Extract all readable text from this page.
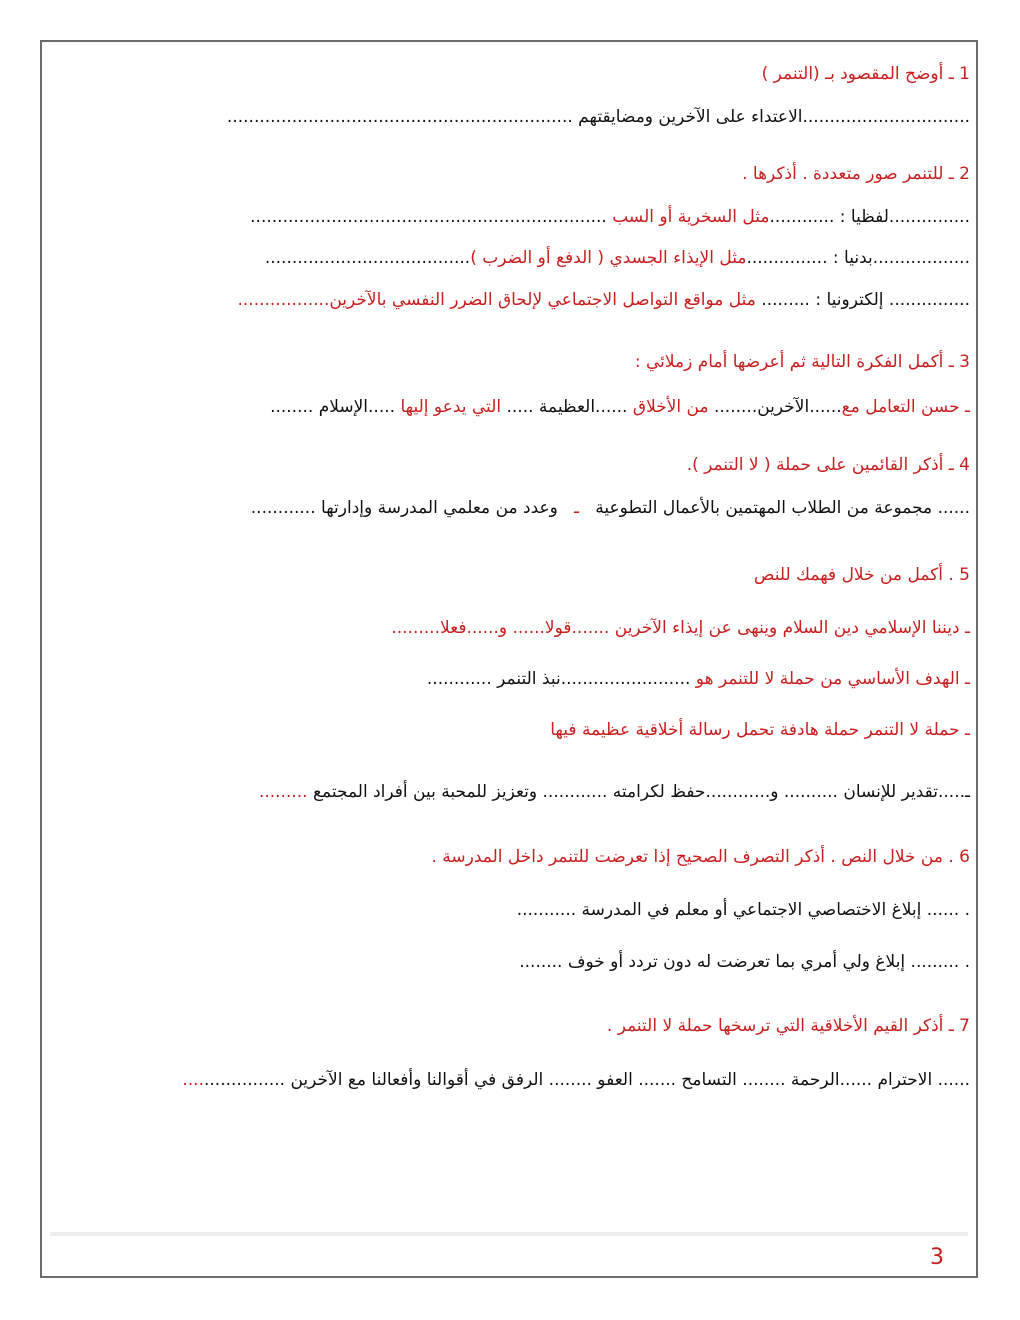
1 ـ أوضح المقصود بـ (التنمر )
...............................الاعتداء على الآخرين ومضايقتهم ................................................................
2 ـ للتنمر صور متعددة . أذكرها .
...............لفظيا : ............مثل السخرية أو السب ..................................................................
..................بدنيا : ...............مثل الإيذاء الجسدي ( الدفع أو الضرب )......................................
............... إلكترونيا : ......... مثل مواقع التواصل الاجتماعي لإلحاق الضرر النفسي بالآخرين.................
3 ـ أكمل الفكرة التالية ثم أعرضها أمام زملائي :
ـ حسن التعامل مع......الآخرين........ من الأخلاق ......العظيمة ..... التي يدعو إليها .....الإسلام ........
4 ـ أذكر القائمين على حملة ( لا التنمر ).
...... مجموعة من الطلاب المهتمين بالأعمال التطوعية   ـ   وعدد من معلمي المدرسة وإدارتها ............
5 . أكمل من خلال فهمك للنص
ـ ديننا الإسلامي دين السلام وينهى عن إيذاء الآخرين .......قولا...... و......فعلا.........
ـ الهدف الأساسي من حملة لا للتنمر هو ........................نبذ التنمر ............
ـ حملة لا التنمر حملة هادفة تحمل رسالة أخلاقية عظيمة فيها
ـ.....تقدير للإنسان .......... و............حفظ لكرامته ............ وتعزيز للمحبة بين أفراد المجتمع .........
6 . من خلال النص . أذكر التصرف الصحيح إذا تعرضت للتنمر داخل المدرسة .
. ...... إبلاغ الاختصاصي الاجتماعي أو معلم في المدرسة ...........
. ......... إبلاغ ولي أمري بما تعرضت له دون تردد أو خوف ........
7 ـ أذكر القيم الأخلاقية التي ترسخها حملة لا التنمر .
...... الاحترام ......الرحمة ........ التسامح ....... العفو ........ الرفق في أقوالنا وأفعالنا مع الآخرين ...................
3
